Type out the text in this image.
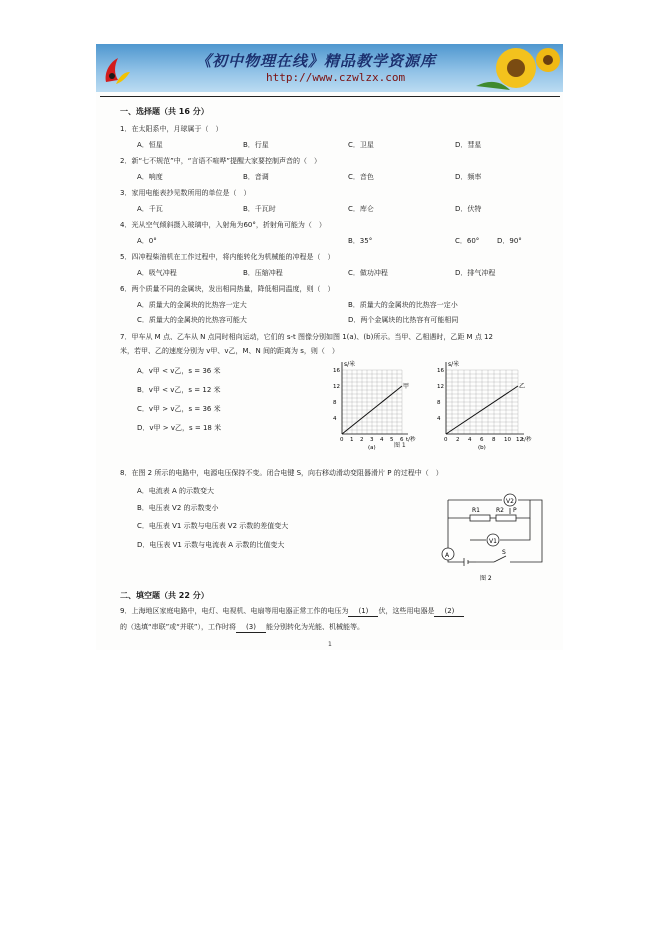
《初中物理在线》精品教学资源库
http://www.czwlzx.com
一、选择题（共 16 分）
1．在太阳系中，月球属于（　）
A．恒星	B．行星	C．卫星	D．彗星
2．新“七不规范”中，“言语不喧哗”提醒大家要控制声音的（　）
A．响度	B．音调	C．音色	D．频率
3．家用电能表抄见数所用的单位是（　）
A．千瓦	B．千瓦时	C．库仑	D．伏特
4．光从空气倾斜摄入玻璃中，入射角为60°，折射角可能为（　）
A．0°	B．35°	C．60°	D．90°
5．四冲程柴油机在工作过程中，将内能转化为机械能的冲程是（　）
A．吸气冲程	B．压缩冲程	C．做功冲程	D．排气冲程
6．两个质量不同的金属块，发出相同热量，降低相同温度，则（　）
A．质量大的金属块的比热容一定大	B．质量大的金属块的比热容一定小
C．质量大的金属块的比热容可能大	D．两个金属块的比热容有可能相同
7．甲车从 M 点、乙车从 N 点同时相向运动，它们的 s-t 图像分别如图 1(a)、(b)所示。当甲、乙相遇时，乙距 M 点 12
米，若甲、乙的速度分别为 v甲、v乙，M、N 间的距离为 s，则（　）
A．v甲 < v乙，s = 36 米
B．v甲 < v乙，s = 12 米
C．v甲 > v乙，s = 36 米
D．v甲 > v乙，s = 18 米
0 1 2 3 4 5 6
4
8
12
16
s/米
t/秒
甲
(a)
0 2 4 6 8 10 12
4
8
12
16
s/米
t/秒
乙
(b)
图 1
8．在图 2 所示的电路中，电源电压保持不变。闭合电键 S，向右移动滑动变阻器滑片 P 的过程中（　）
A．电流表 A 的示数变大
B．电压表 V2 的示数变小
C．电压表 V1 示数与电压表 V2 示数的差值变大
D．电压表 V1 示数与电流表 A 示数的比值变大
V2
R1	R2 P
V1
A	S
图 2
二、填空题（共 22 分）
9．上海地区家庭电路中，电灯、电视机、电扇等用电器正常工作的电压为 (1) 伏，这些用电器是 (2)
的（选填“串联”或“并联”），工作时将 (3) 能分别转化为光能、机械能等。
1
